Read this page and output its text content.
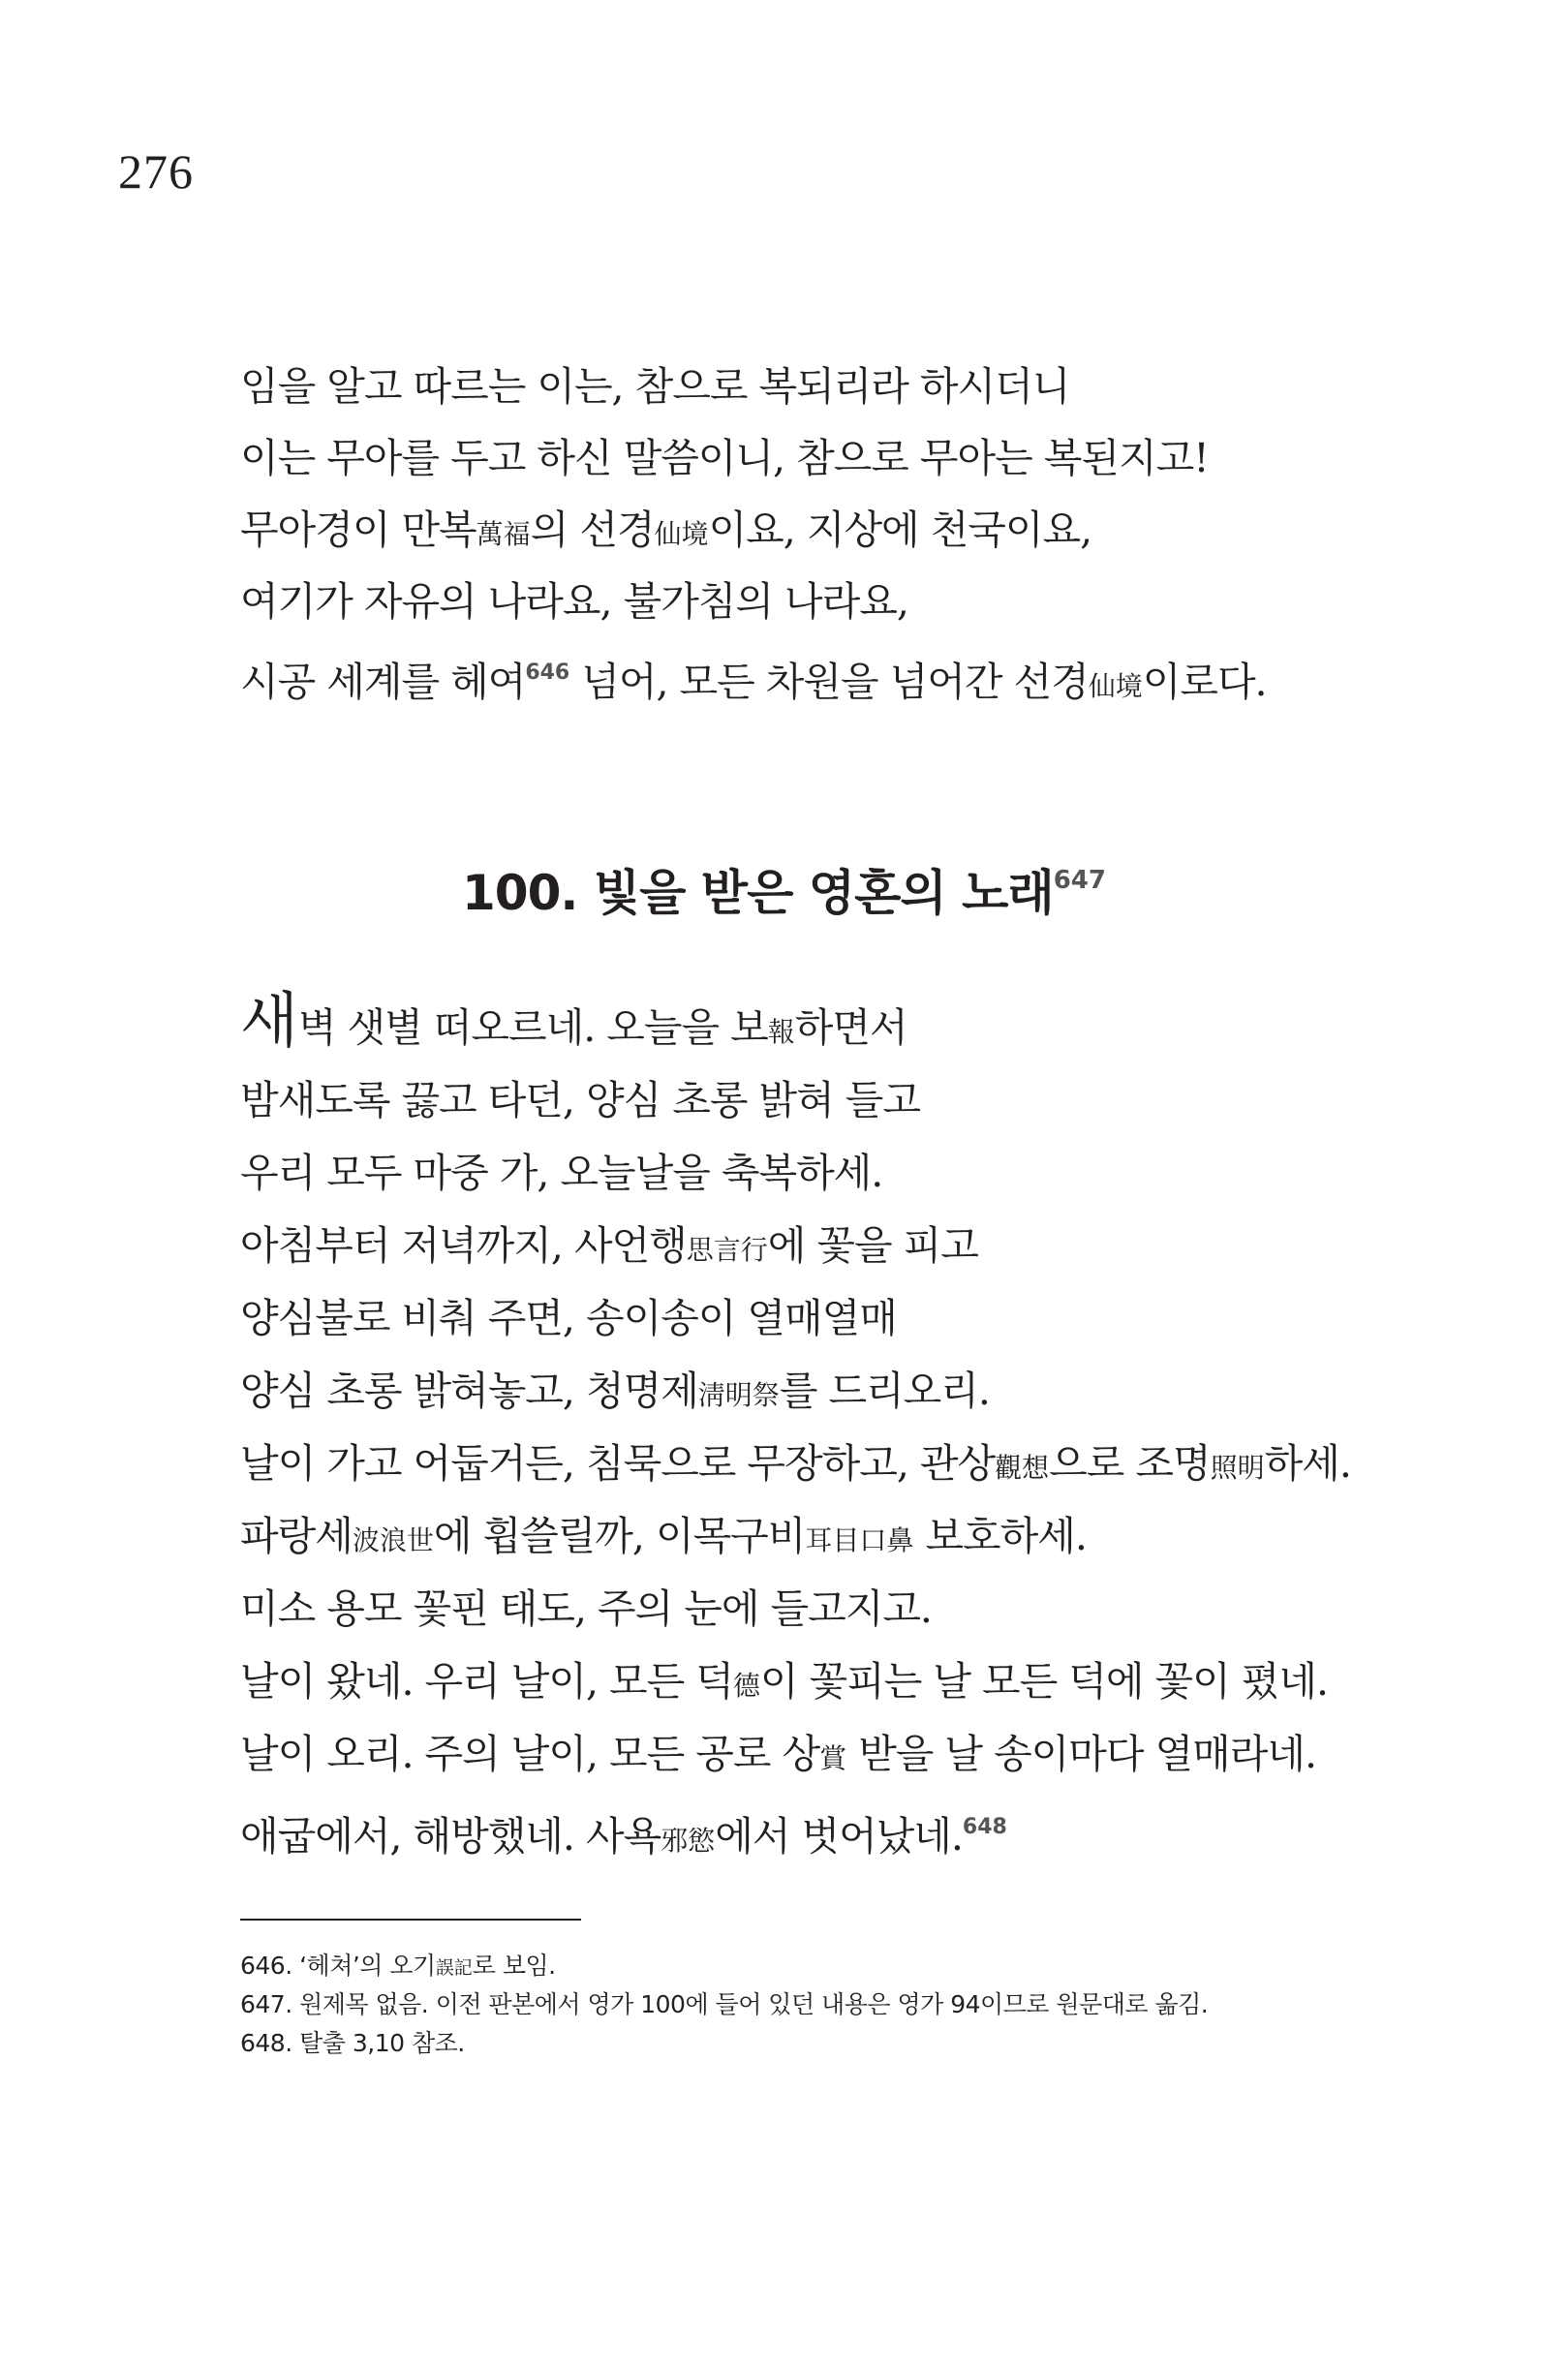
276
임을 알고 따르는 이는, 참으로 복되리라 하시더니
이는 무아를 두고 하신 말씀이니, 참으로 무아는 복된지고!
무아경이 만복萬福의 선경仙境이요, 지상에 천국이요,
여기가 자유의 나라요, 불가침의 나라요,
시공 세계를 헤여$^{646}$ 넘어, 모든 차원을 넘어간 선경仙境이로다.
100. 빛을 받은 영혼의 노래$^{647}$
새벽 샛별 떠오르네. 오늘을 보報하면서
밤새도록 끓고 타던, 양심 초롱 밝혀 들고
우리 모두 마중 가, 오늘날을 축복하세.
아침부터 저녁까지, 사언행思言行에 꽃을 피고
양심불로 비춰 주면, 송이송이 열매열매
양심 초롱 밝혀놓고, 청명제淸明祭를 드리오리.
날이 가고 어둡거든, 침묵으로 무장하고, 관상觀想으로 조명照明하세.
파랑세波浪世에 휩쓸릴까, 이목구비耳目口鼻 보호하세.
미소 용모 꽃핀 태도, 주의 눈에 들고지고.
날이 왔네. 우리 날이, 모든 덕德이 꽃피는 날 모든 덕에 꽃이 폈네.
날이 오리. 주의 날이, 모든 공로 상賞 받을 날 송이마다 열매라네.
애굽에서, 해방했네. 사욕邪慾에서 벗어났네.$^{648}$
646. ‘헤쳐’의 오기誤記로 보임.
647. 원제목 없음. 이전 판본에서 영가 100에 들어 있던 내용은 영가 94이므로 원문대로 옮김.
648. 탈출 3,10 참조.
